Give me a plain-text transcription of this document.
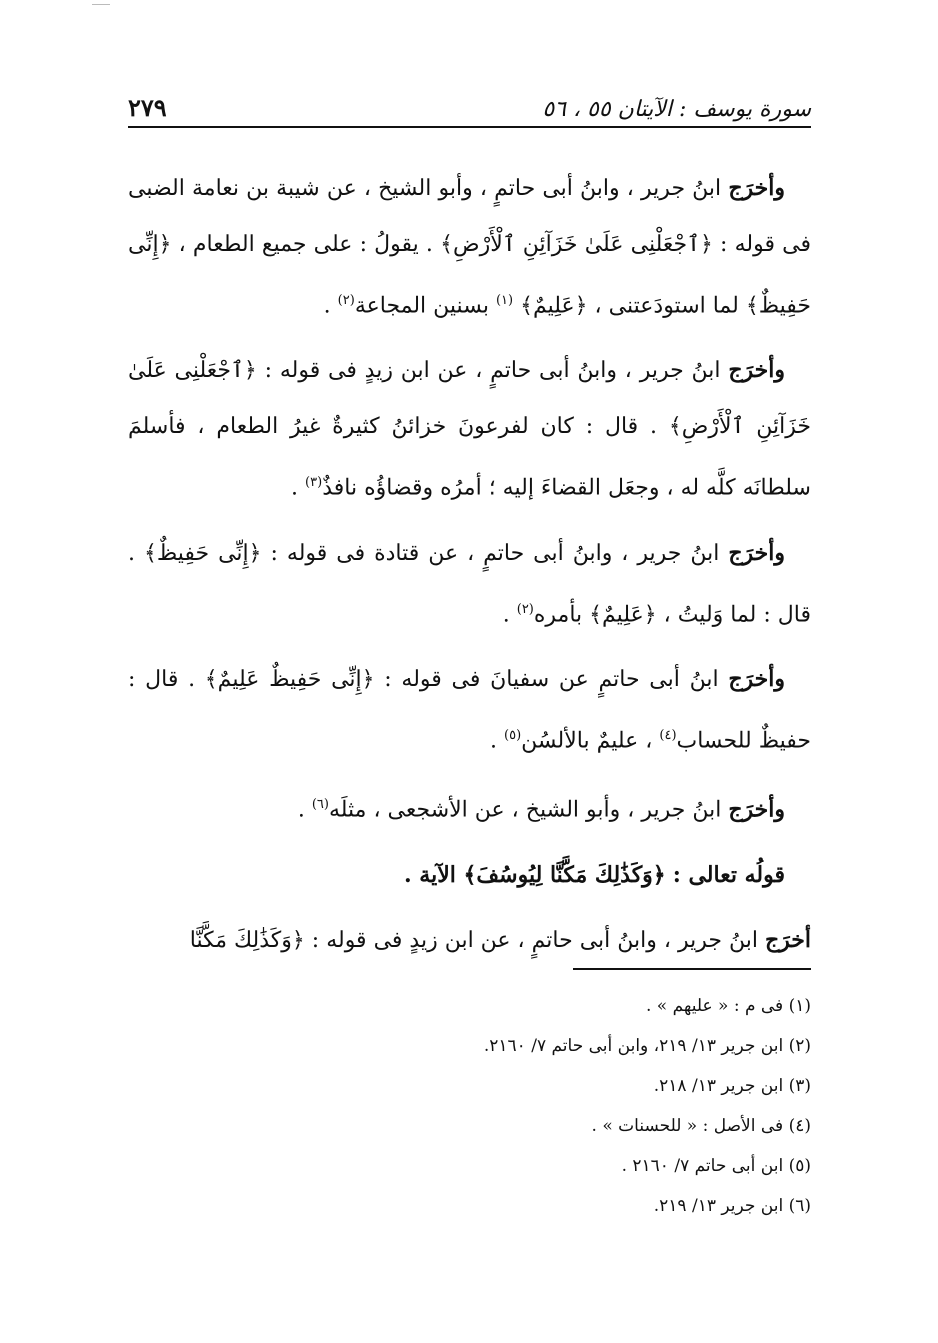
سورة يوسف : الآيتان ٥٥ ، ٥٦
٢٧٩

وأخرَج ابنُ جرير ، وابنُ أبى حاتمٍ ، وأبو الشيخ ، عن شيبة بن نعامة الضبى فى قوله : ﴿ٱجْعَلْنِى عَلَىٰ خَزَآئِنِ ٱلْأَرْضِ﴾ . يقولُ : على جميع الطعام ، ﴿إِنِّى حَفِيظٌ﴾ لما استودَعتنى ، ﴿عَلِيمٌ﴾ $^{(١)}$ بسنين المجاعة$^{(٢)}$ .

وأخرَج ابنُ جرير ، وابنُ أبى حاتمٍ ، عن ابن زيدٍ فى قوله : ﴿ٱجْعَلْنِى عَلَىٰ خَزَآئِنِ ٱلْأَرْضِ﴾ . قال : كان لفرعونَ خزائنُ كثيرةٌ غيرُ الطعام ، فأسلمَ سلطانَه كلَّه له ، وجعَل القضاءَ إليه ؛ أمرُه وقضاؤُه نافذٌ$^{(٣)}$ .

وأخرَج ابنُ جرير ، وابنُ أبى حاتمٍ ، عن قتادة فى قوله : ﴿إِنِّى حَفِيظٌ﴾ . قال : لما وَليتُ ، ﴿عَلِيمٌ﴾ بأمره$^{(٢)}$ .

وأخرَج ابنُ أبى حاتمٍ عن سفيانَ فى قوله : ﴿إِنِّى حَفِيظٌ عَلِيمٌ﴾ . قال : حفيظٌ للحساب$^{(٤)}$ ، عليمٌ بالألسُن$^{(٥)}$ .

وأخرَج ابنُ جرير ، وأبو الشيخ ، عن الأشجعى ، مثلَه$^{(٦)}$ .

قولُه تعالى : ﴿وَكَذَٰلِكَ مَكَّنَّا لِيُوسُفَ﴾ الآية .

أخرَج ابنُ جرير ، وابنُ أبى حاتمٍ ، عن ابن زيدٍ فى قوله : ﴿وَكَذَٰلِكَ مَكَّنَّا

(١) فى م : « عليهم » .
(٢) ابن جرير ١٣/ ٢١٩، وابن أبى حاتم ٧/ ٢١٦٠.
(٣) ابن جرير ١٣/ ٢١٨.
(٤) فى الأصل : « للحسنات » .
(٥) ابن أبى حاتم ٧/ ٢١٦٠ .
(٦) ابن جرير ١٣/ ٢١٩.
